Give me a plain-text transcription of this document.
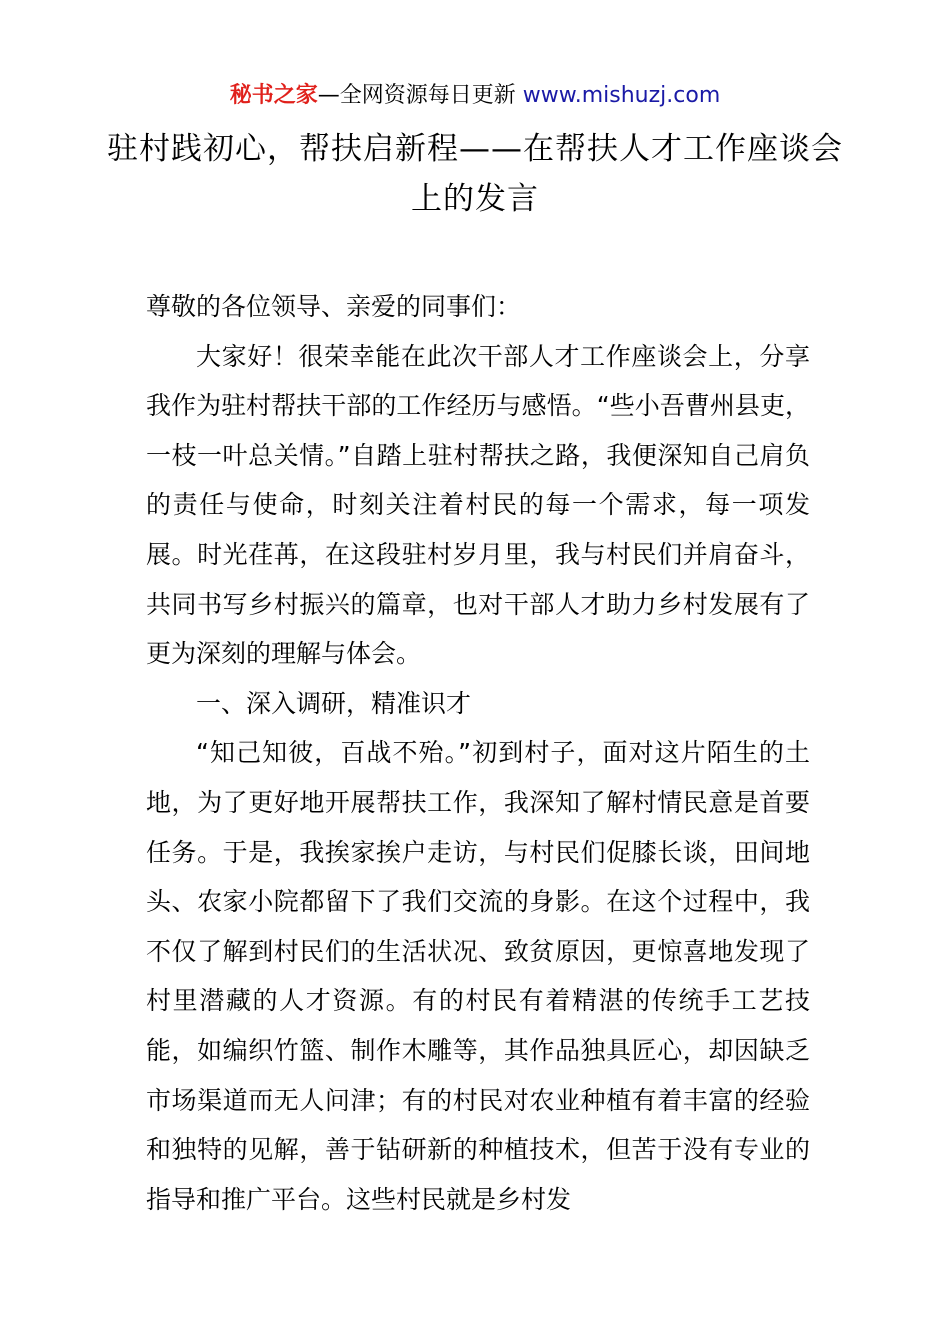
秘书之家—全网资源每日更新 www.mishuzj.com
驻村践初心，帮扶启新程——在帮扶人才工作座谈会上的发言

尊敬的各位领导、亲爱的同事们：

大家好！很荣幸能在此次干部人才工作座谈会上，分享我作为驻村帮扶干部的工作经历与感悟。“些小吾曹州县吏，一枝一叶总关情。”自踏上驻村帮扶之路，我便深知自己肩负的责任与使命，时刻关注着村民的每一个需求，每一项发展。时光荏苒，在这段驻村岁月里，我与村民们并肩奋斗，共同书写乡村振兴的篇章，也对干部人才助力乡村发展有了更为深刻的理解与体会。

一、深入调研，精准识才

“知己知彼，百战不殆。”初到村子，面对这片陌生的土地，为了更好地开展帮扶工作，我深知了解村情民意是首要任务。于是，我挨家挨户走访，与村民们促膝长谈，田间地头、农家小院都留下了我们交流的身影。在这个过程中，我不仅了解到村民们的生活状况、致贫原因，更惊喜地发现了村里潜藏的人才资源。有的村民有着精湛的传统手工艺技能，如编织竹篮、制作木雕等，其作品独具匠心，却因缺乏市场渠道而无人问津；有的村民对农业种植有着丰富的经验和独特的见解，善于钻研新的种植技术，但苦于没有专业的指导和推广平台。这些村民就是乡村发
